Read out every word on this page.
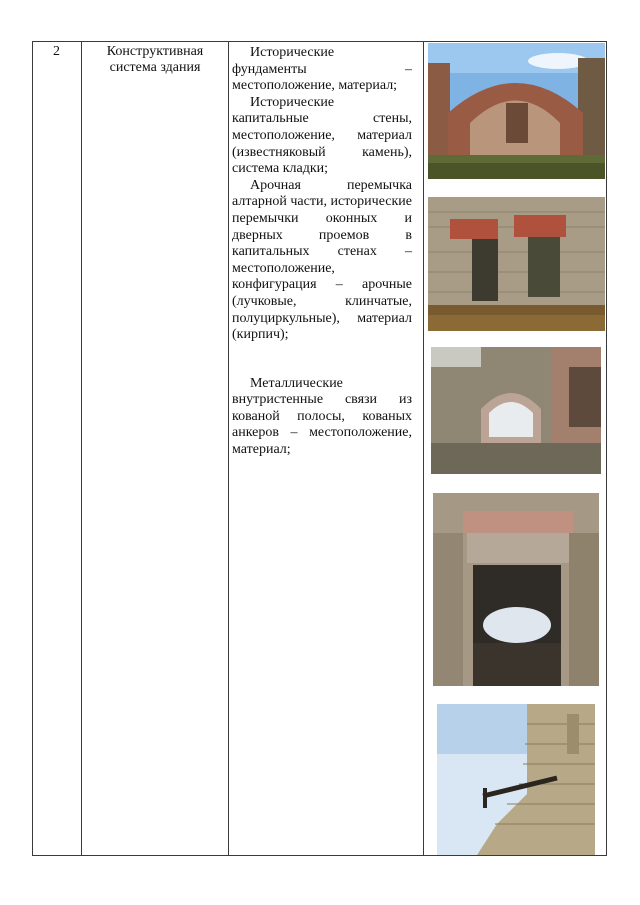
2	Конструктивная система здания

Исторические фундаменты – местоположение, материал;

Исторические капитальные стены, местоположение, материал (известняковый камень), система кладки;

Арочная перемычка алтарной части, исторические перемычки оконных и дверных проемов в капитальных стенах – местоположение, конфигурация – арочные (лучковые, клинчатые, полуциркульные), материал (кирпич);

Металлические внутристенные связи из кованой полосы, кованых анкеров – местоположение, материал;
